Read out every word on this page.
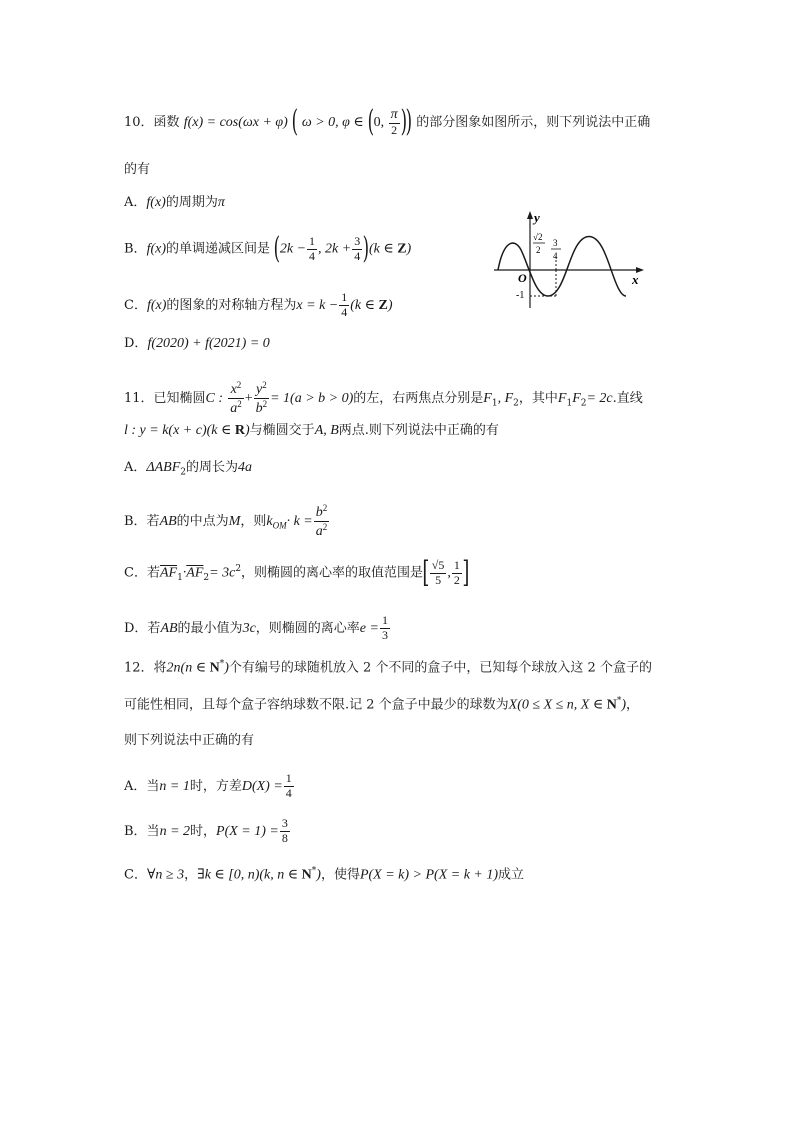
10．函数 f(x) = cos(ωx + φ) ( ω > 0, φ ∈ (0, $\frac{\pi}{2}$ )) 的部分图象如图所示，则下列说法中正确
的有
A．f(x)的周期为π
B．f(x)的单调递减区间是 ($2k - \frac{1}{4}$ , $2k + \frac{3}{4} )(k$ ∈ Z)
C．f(x)的图象的对称轴方程为$x = k - \frac{1}{4} (k$ ∈ Z)
D．f(2020) + f(2021) = 0
y
x
O
-1
√2
2
3
4
11．已知椭圆C : $\frac{x^2}{a^2} + \frac{y^2}{b^2} = 1(a > b > 0)$的左，右两焦点分别是$F_1$, $F_2$，其中$F_1F_2= 2c$.直线
l : y = k(x + c)(k ∈ R)与椭圆交于A, B两点.则下列说法中正确的有
A．$\Delta ABF_2$的周长为4a
B．若AB的中点为M，则$k_{OM}\cdot k = \frac{b^2}{a^2}$
C．若$\overline{AF}_1\cdot\overline{AF}_2= 3c^2$，则椭圆的离心率的取值范围是[ $\frac{√5}{5}$ , $\frac{1}{2}$ ]
D．若AB的最小值为3c，则椭圆的离心率$e = \frac{1}{3}$
12．将2n(n ∈ N*)个有编号的球随机放入 2 个不同的盒子中，已知每个球放入这 2 个盒子的
可能性相同，且每个盒子容纳球数不限.记 2 个盒子中最少的球数为X(0 ≤ X ≤ n, X ∈ N*)，
则下列说法中正确的有
A．当n = 1时，方差$D(X) = \frac{1}{4}$
B．当n = 2时，$P(X = 1) = \frac{3}{8}$
C．∀n ≥ 3，∃k ∈ [0, n)(k, n ∈ N*)，使得P(X = k) > P(X = k + 1)成立
